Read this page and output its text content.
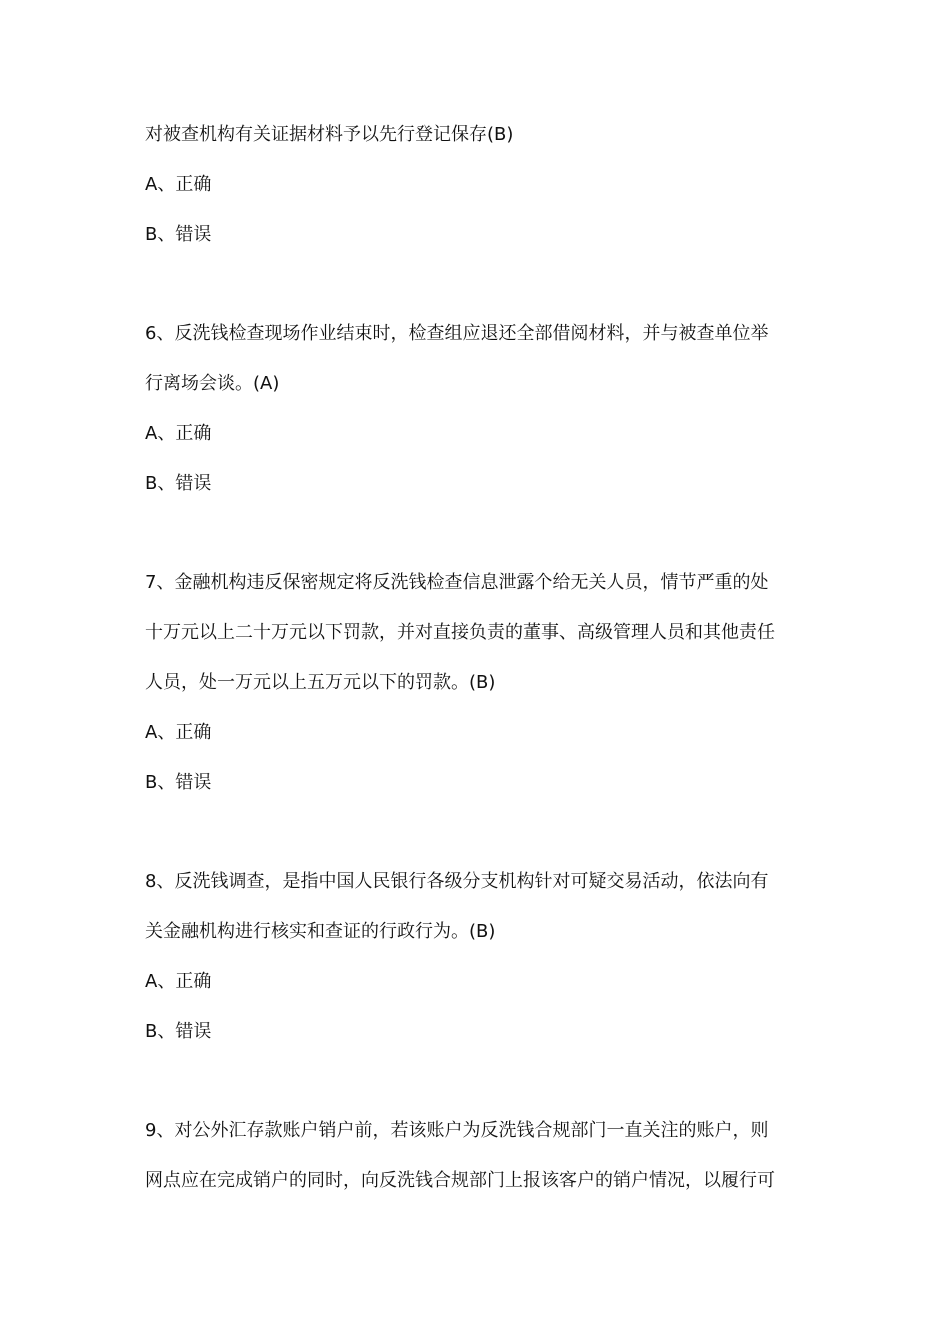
对被查机构有关证据材料予以先行登记保存(B)
A、正确
B、错误
6、反洗钱检查现场作业结束时，检查组应退还全部借阅材料，并与被查单位举
行离场会谈。(A)
A、正确
B、错误
7、金融机构违反保密规定将反洗钱检查信息泄露个给无关人员，情节严重的处
十万元以上二十万元以下罚款，并对直接负责的董事、高级管理人员和其他责任
人员，处一万元以上五万元以下的罚款。(B)
A、正确
B、错误
8、反洗钱调查，是指中国人民银行各级分支机构针对可疑交易活动，依法向有
关金融机构进行核实和查证的行政行为。(B)
A、正确
B、错误
9、对公外汇存款账户销户前，若该账户为反洗钱合规部门一直关注的账户，则
网点应在完成销户的同时，向反洗钱合规部门上报该客户的销户情况，以履行可
